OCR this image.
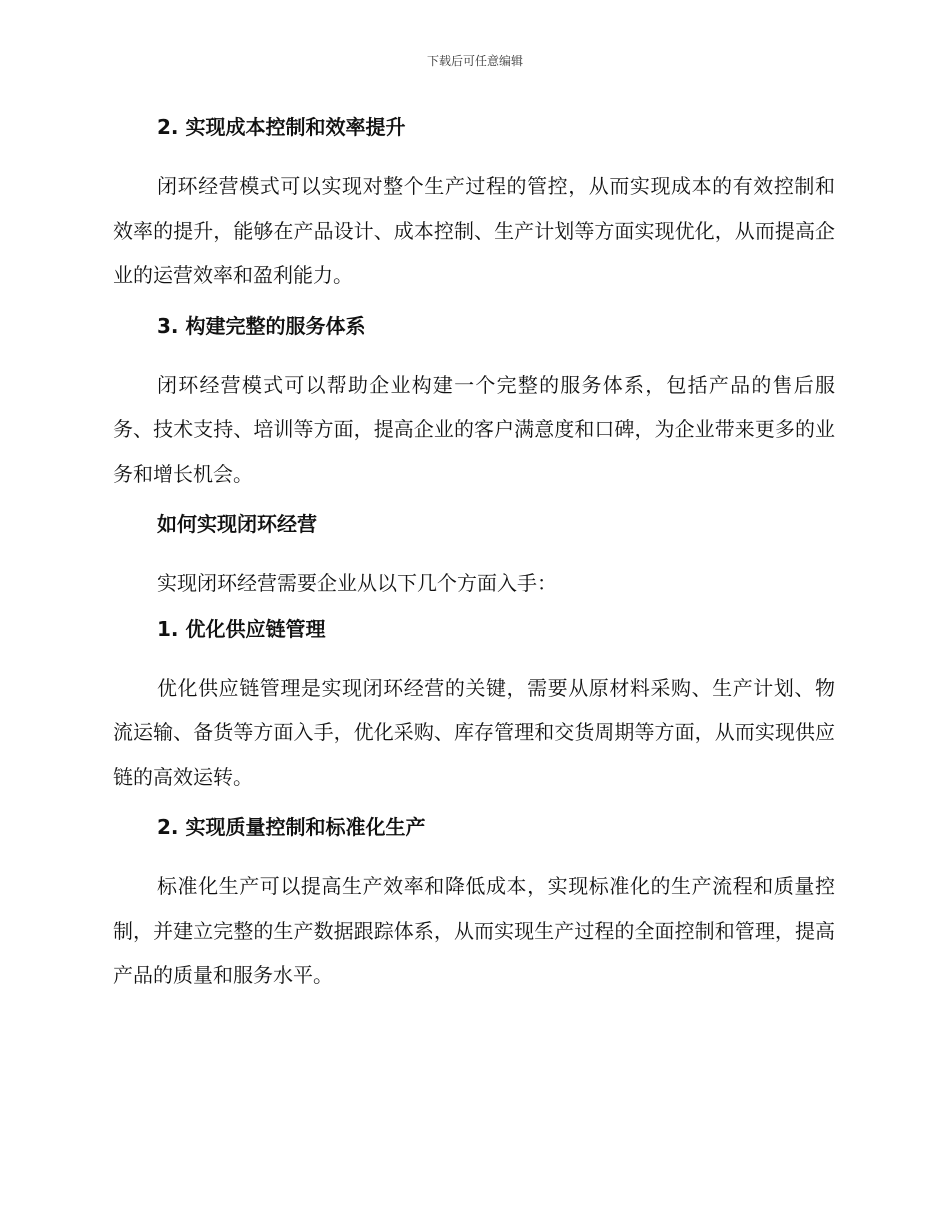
下载后可任意编辑
2. 实现成本控制和效率提升

闭环经营模式可以实现对整个生产过程的管控，从而实现成本的有效控制和效率的提升，能够在产品设计、成本控制、生产计划等方面实现优化，从而提高企业的运营效率和盈利能力。

3. 构建完整的服务体系

闭环经营模式可以帮助企业构建一个完整的服务体系，包括产品的售后服务、技术支持、培训等方面，提高企业的客户满意度和口碑，为企业带来更多的业务和增长机会。

如何实现闭环经营

实现闭环经营需要企业从以下几个方面入手：

1. 优化供应链管理

优化供应链管理是实现闭环经营的关键，需要从原材料采购、生产计划、物流运输、备货等方面入手，优化采购、库存管理和交货周期等方面，从而实现供应链的高效运转。

2. 实现质量控制和标准化生产

标准化生产可以提高生产效率和降低成本，实现标准化的生产流程和质量控制，并建立完整的生产数据跟踪体系，从而实现生产过程的全面控制和管理，提高产品的质量和服务水平。
